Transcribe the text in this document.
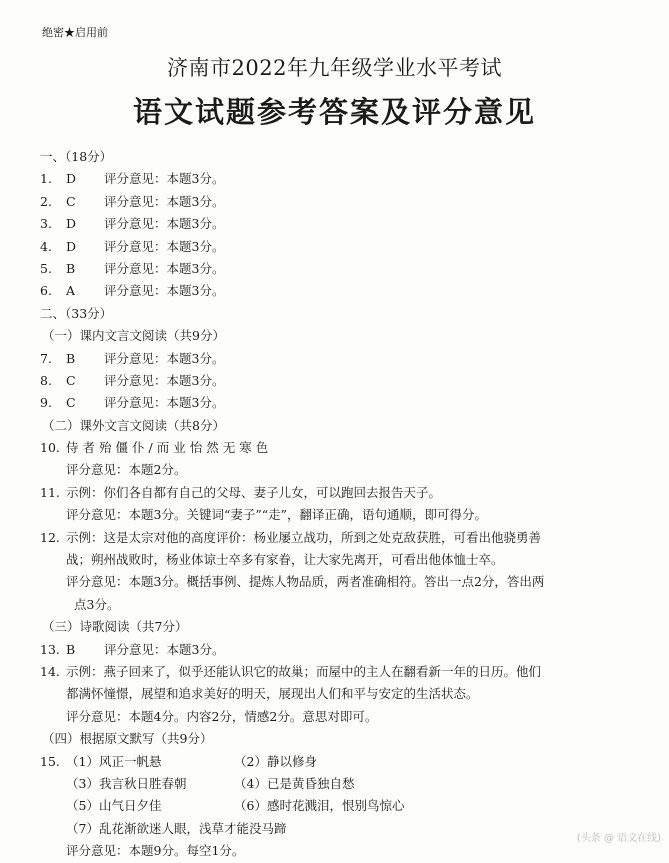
绝密★启用前
济南市2022年九年级学业水平考试
语文试题参考答案及评分意见
一、（18分）
1. D 评分意见：本题3分。
2. C 评分意见：本题3分。
3. D 评分意见：本题3分。
4. D 评分意见：本题3分。
5. B 评分意见：本题3分。
6. A 评分意见：本题3分。
二、（33分）
（一）课内文言文阅读（共9分）
7. B 评分意见：本题3分。
8. C 评分意见：本题3分。
9. C 评分意见：本题3分。
（二）课外文言文阅读（共8分）
10. 侍者殆僵仆/而业怡然无寒色
评分意见：本题2分。
11. 示例：你们各自都有自己的父母、妻子儿女，可以跑回去报告天子。
评分意见：本题3分。关键词“妻子”“走”，翻译正确，语句通顺，即可得分。
12. 示例：这是太宗对他的高度评价：杨业屡立战功，所到之处克敌获胜，可看出他骁勇善
战；朔州战败时，杨业体谅士卒多有家眷，让大家先离开，可看出他体恤士卒。
评分意见：本题3分。概括事例、提炼人物品质，两者准确相符。答出一点2分，答出两
点3分。
（三）诗歌阅读（共7分）
13. B 评分意见：本题3分。
14. 示例：燕子回来了，似乎还能认识它的故巢；而屋中的主人在翻看新一年的日历。他们
都满怀憧憬，展望和追求美好的明天，展现出人们和平与安定的生活状态。
评分意见：本题4分。内容2分，情感2分。意思对即可。
（四）根据原文默写（共9分）
15. （1）风正一帆悬	（2）静以修身
（3）我言秋日胜春朝	（4）已是黄昏独自愁
（5）山气日夕佳	（6）感时花溅泪，恨别鸟惊心
（7）乱花渐欲迷人眼，浅草才能没马蹄
评分意见：本题9分。每空1分。
(头条 @ 语文在线)
